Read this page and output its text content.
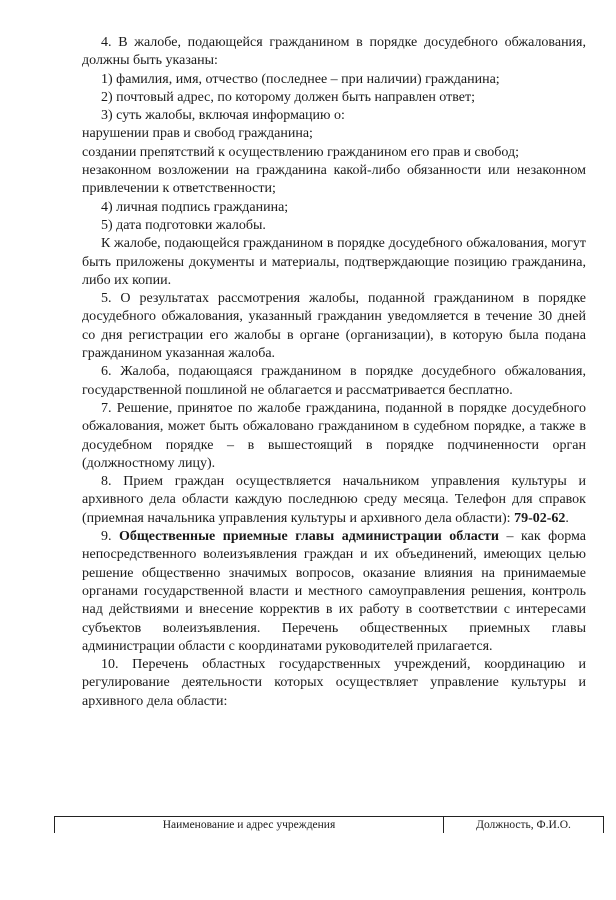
4. В жалобе, подающейся гражданином в порядке досудебного обжалования, должны быть указаны:

1) фамилия, имя, отчество (последнее – при наличии) гражданина;

2) почтовый адрес, по которому должен быть направлен ответ;

3) суть жалобы, включая информацию о:

нарушении прав и свобод гражданина;

создании препятствий к осуществлению гражданином его прав и свобод;

незаконном возложении на гражданина какой-либо обязанности или незаконном привлечении к ответственности;

4) личная подпись гражданина;

5) дата подготовки жалобы.

К жалобе, подающейся гражданином в порядке досудебного обжалования, могут быть приложены документы и материалы, подтверждающие позицию гражданина, либо их копии.

5. О результатах рассмотрения жалобы, поданной гражданином в порядке досудебного обжалования, указанный гражданин уведомляется в течение 30 дней со дня регистрации его жалобы в органе (организации), в которую была подана гражданином указанная жалоба.

6. Жалоба, подающаяся гражданином в порядке досудебного обжалования, государственной пошлиной не облагается и рассматривается бесплатно.

7. Решение, принятое по жалобе гражданина, поданной в порядке досудебного обжалования, может быть обжаловано гражданином в судебном порядке, а также в досудебном порядке – в вышестоящий в порядке подчиненности орган (должностному лицу).

8. Прием граждан осуществляется начальником управления культуры и архивного дела области каждую последнюю среду месяца. Телефон для справок (приемная начальника управления культуры и архивного дела области): 79-02-62.

9. Общественные приемные главы администрации области – как форма непосредственного волеизъявления граждан и их объединений, имеющих целью решение общественно значимых вопросов, оказание влияния на принимаемые органами государственной власти и местного самоуправления решения, контроль над действиями и внесение корректив в их работу в соответствии с интересами субъектов волеизъявления. Перечень общественных приемных главы администрации области с координатами руководителей прилагается.

10. Перечень областных государственных учреждений, координацию и регулирование деятельности которых осуществляет управление культуры и архивного дела области:

Наименование и адрес учреждения	Должность, Ф.И.О.
